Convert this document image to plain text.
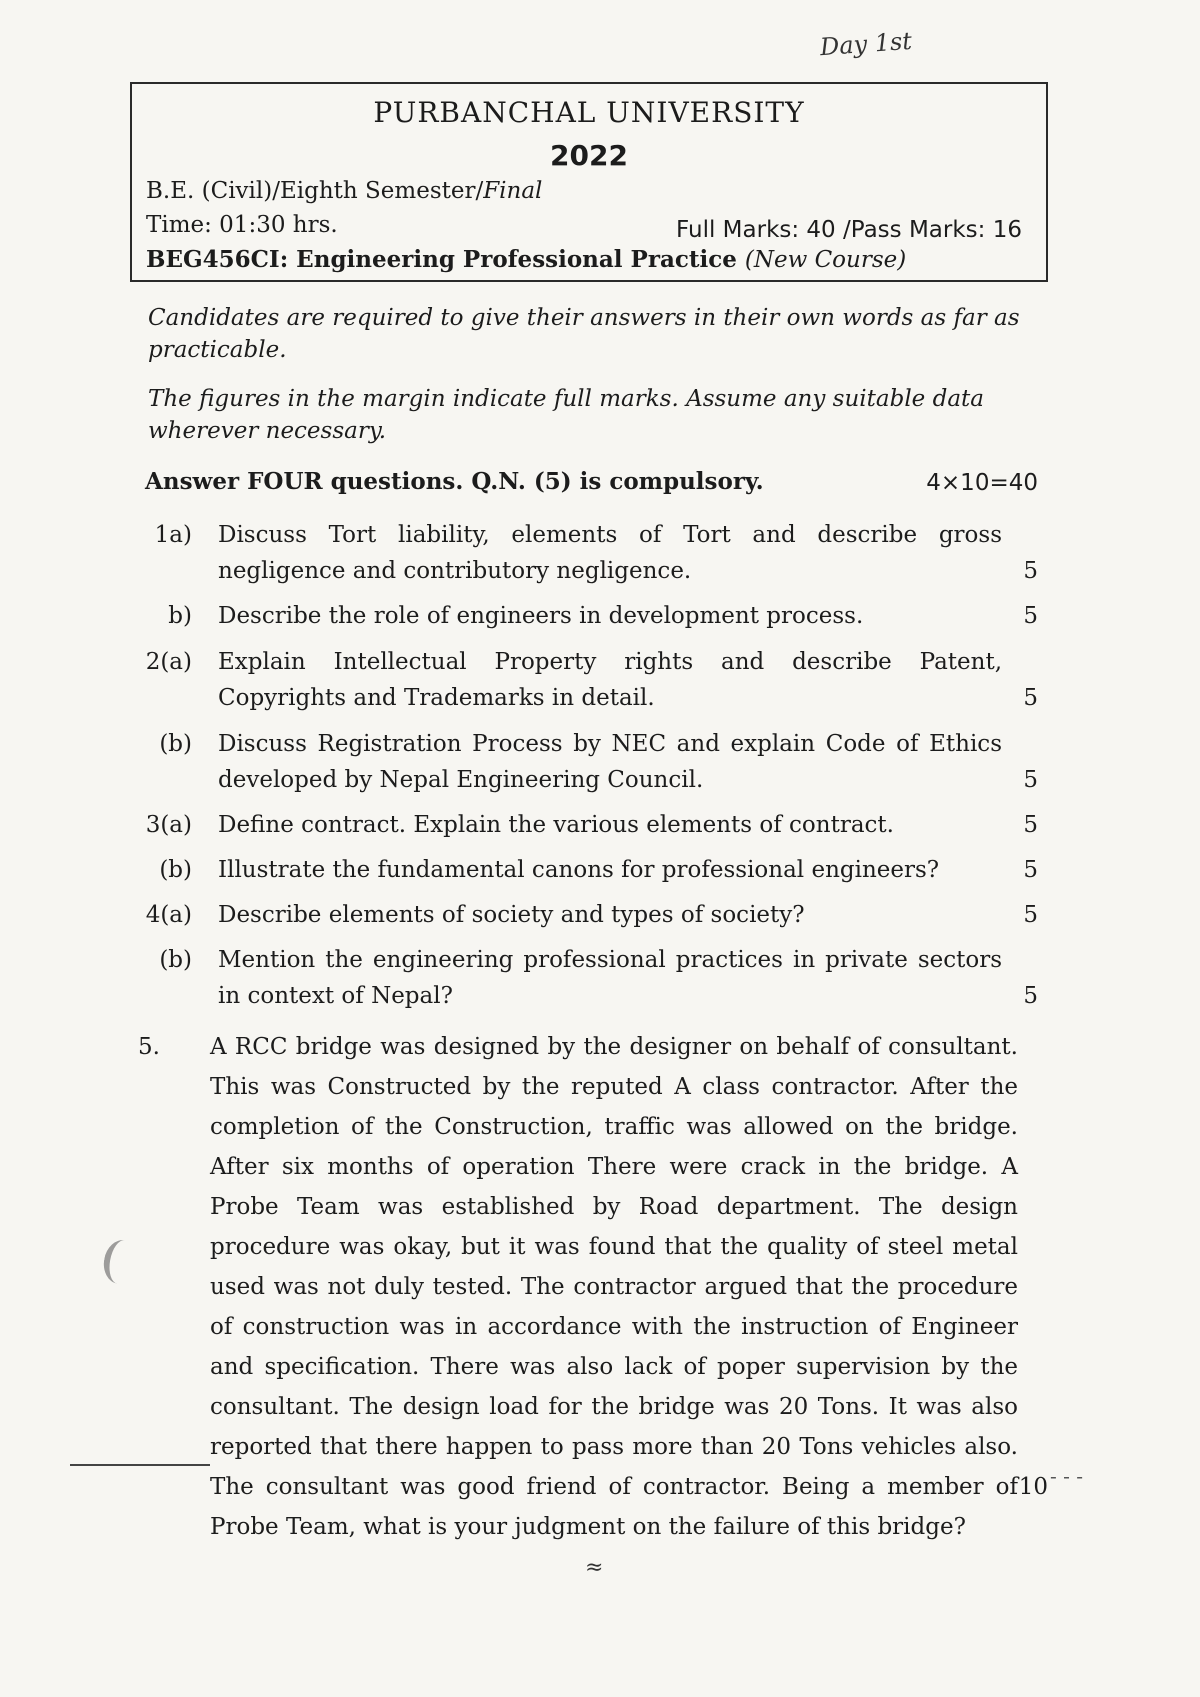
Day 1st
PURBANCHAL UNIVERSITY
2022
B.E. (Civil)/Eighth Semester/Final
Time: 01:30 hrs.	Full Marks: 40 /Pass Marks: 16
BEG456CI: Engineering Professional Practice (New Course)
Candidates are required to give their answers in their own words as far as practicable.
The figures in the margin indicate full marks. Assume any suitable data wherever necessary.
Answer FOUR questions. Q.N. (5) is compulsory.	4×10=40
1a) Discuss Tort liability, elements of Tort and describe gross negligence and contributory negligence.	5
b) Describe the role of engineers in development process.	5
2(a) Explain Intellectual Property rights and describe Patent, Copyrights and Trademarks in detail.	5
(b) Discuss Registration Process by NEC and explain Code of Ethics developed by Nepal Engineering Council.	5
3(a) Define contract. Explain the various elements of contract.	5
(b) Illustrate the fundamental canons for professional engineers?	5
4(a) Describe elements of society and types of society?	5
(b) Mention the engineering professional practices in private sectors in context of Nepal?	5
5. A RCC bridge was designed by the designer on behalf of consultant. This was Constructed by the reputed A class contractor. After the completion of the Construction, traffic was allowed on the bridge. After six months of operation There were crack in the bridge. A Probe Team was established by Road department. The design procedure was okay, but it was found that the quality of steel metal used was not duly tested. The contractor argued that the procedure of construction was in accordance with the instruction of Engineer and specification. There was also lack of poper supervision by the consultant. The design load for the bridge was 20 Tons. It was also reported that there happen to pass more than 20 Tons vehicles also. The consultant was good friend of contractor. Being a member of Probe Team, what is your judgment on the failure of this bridge?
10 - - -
≈
